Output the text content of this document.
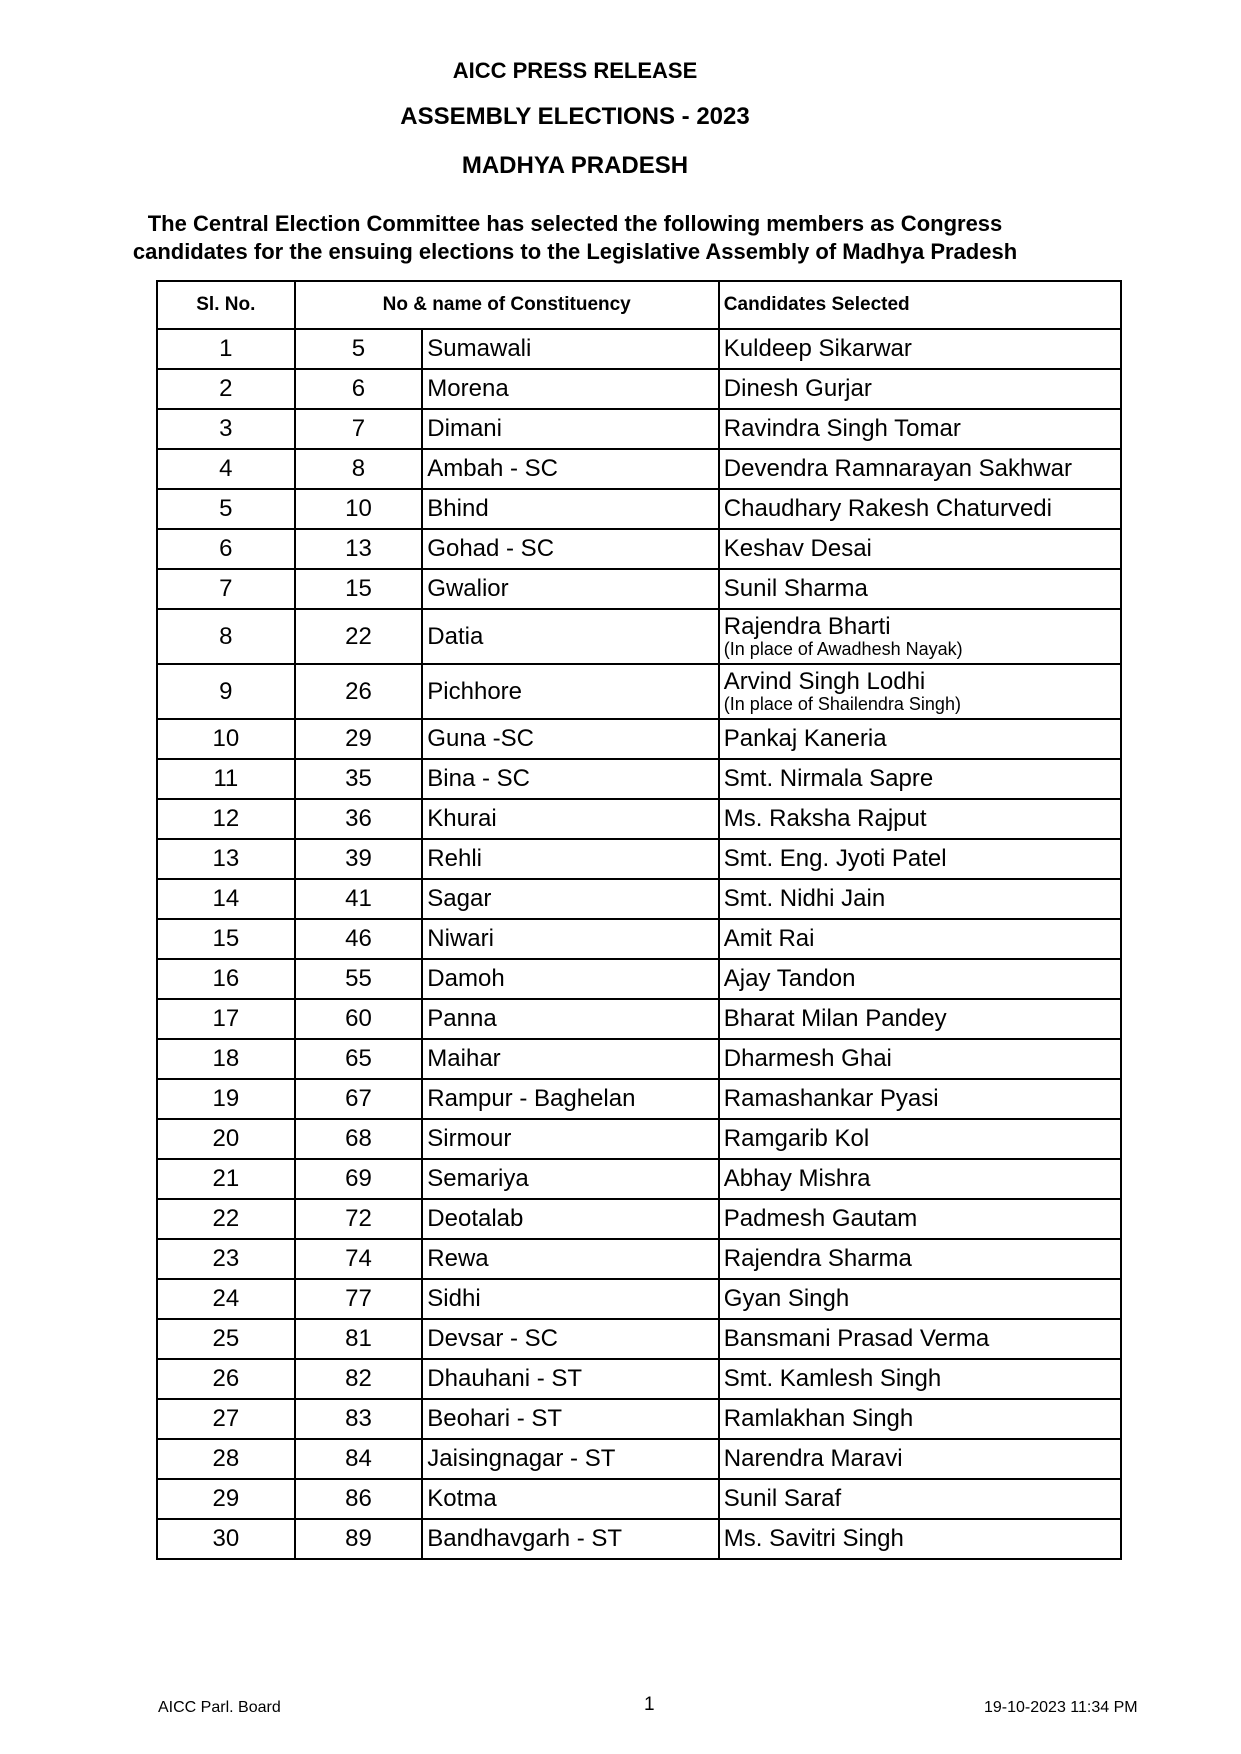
AICC PRESS RELEASE
ASSEMBLY ELECTIONS - 2023
MADHYA PRADESH
The Central Election Committee has selected the following members as Congress
candidates for the ensuing elections to the Legislative Assembly of Madhya Pradesh
Sl. No.	No & name of Constituency		Candidates Selected
1	5	Sumawali	Kuldeep Sikarwar

2	6	Morena	Dinesh Gurjar

3	7	Dimani	Ravindra Singh Tomar

4	8	Ambah - SC	Devendra Ramnarayan Sakhwar

5	10	Bhind	Chaudhary Rakesh Chaturvedi

6	13	Gohad - SC	Keshav Desai

7	15	Gwalior	Sunil Sharma

8	22	Datia	Rajendra Bharti
(In place of Awadhesh Nayak)

9	26	Pichhore	Arvind Singh Lodhi
(In place of Shailendra Singh)

10	29	Guna -SC	Pankaj Kaneria

11	35	Bina - SC	Smt. Nirmala Sapre

12	36	Khurai	Ms. Raksha Rajput

13	39	Rehli	Smt. Eng. Jyoti Patel

14	41	Sagar	Smt. Nidhi Jain

15	46	Niwari	Amit Rai

16	55	Damoh	Ajay Tandon

17	60	Panna	Bharat Milan Pandey

18	65	Maihar	Dharmesh Ghai

19	67	Rampur - Baghelan	Ramashankar Pyasi

20	68	Sirmour	Ramgarib Kol

21	69	Semariya	Abhay Mishra

22	72	Deotalab	Padmesh Gautam

23	74	Rewa	Rajendra Sharma

24	77	Sidhi	Gyan Singh

25	81	Devsar - SC	Bansmani Prasad Verma

26	82	Dhauhani - ST	Smt. Kamlesh Singh

27	83	Beohari - ST	Ramlakhan Singh

28	84	Jaisingnagar - ST	Narendra Maravi

29	86	Kotma	Sunil Saraf

30	89	Bandhavgarh - ST	Ms. Savitri Singh
AICC Parl. Board	1	19-10-2023 11:34 PM
